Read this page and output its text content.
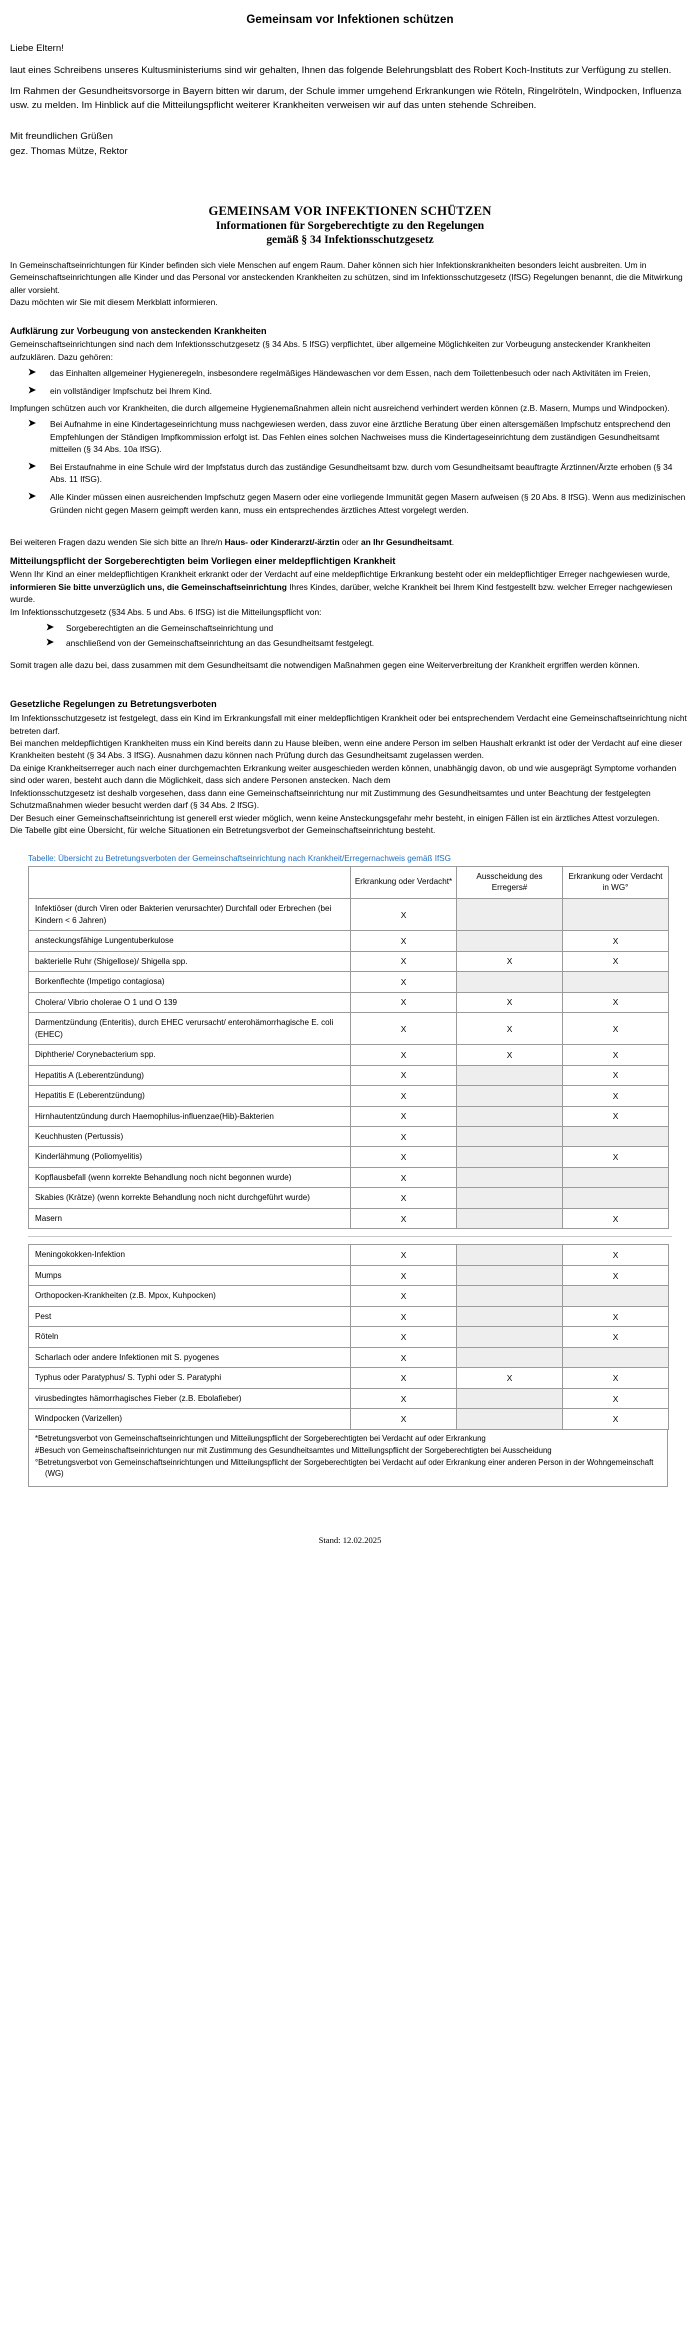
Gemeinsam vor Infektionen schützen

Liebe Eltern!

laut eines Schreibens unseres Kultusministeriums sind wir gehalten, Ihnen das folgende Belehrungsblatt des Robert Koch-Instituts zur Verfügung zu stellen.

Im Rahmen der Gesundheitsvorsorge in Bayern bitten wir darum, der Schule immer umgehend Erkrankungen wie Röteln, Ringelröteln, Windpocken, Influenza usw. zu melden. Im Hinblick auf die Mitteilungspflicht weiterer Krankheiten verweisen wir auf das unten stehende Schreiben.

Mit freundlichen Grüßen

gez. Thomas Mütze, Rektor

GEMEINSAM VOR INFEKTIONEN SCHÜTZEN
Informationen für Sorgeberechtigte zu den Regelungen
gemäß § 34 Infektionsschutzgesetz

In Gemeinschaftseinrichtungen für Kinder befinden sich viele Menschen auf engem Raum. Daher können sich hier Infektionskrankheiten besonders leicht ausbreiten. Um in Gemeinschaftseinrichtungen alle Kinder und das Personal vor ansteckenden Krankheiten zu schützen, sind im Infektionsschutzgesetz (IfSG) Regelungen benannt, die die Mitwirkung aller vorsieht.

Dazu möchten wir Sie mit diesem Merkblatt informieren.

Aufklärung zur Vorbeugung von ansteckenden Krankheiten

Gemeinschaftseinrichtungen sind nach dem Infektionsschutzgesetz (§ 34 Abs. 5 IfSG) verpflichtet, über allgemeine Möglichkeiten zur Vorbeugung ansteckender Krankheiten aufzuklären. Dazu gehören:

➤ das Einhalten allgemeiner Hygieneregeln, insbesondere regelmäßiges Händewaschen vor dem Essen, nach dem Toilettenbesuch oder nach Aktivitäten im Freien,
➤ ein vollständiger Impfschutz bei Ihrem Kind.

Impfungen schützen auch vor Krankheiten, die durch allgemeine Hygienemaßnahmen allein nicht ausreichend verhindert werden können (z.B. Masern, Mumps und Windpocken).

➤ Bei Aufnahme in eine Kindertageseinrichtung muss nachgewiesen werden, dass zuvor eine ärztliche Beratung über einen altersgemäßen Impfschutz entsprechend den Empfehlungen der Ständigen Impfkommission erfolgt ist. Das Fehlen eines solchen Nachweises muss die Kindertageseinrichtung dem zuständigen Gesundheitsamt mitteilen (§ 34 Abs. 10a IfSG).
➤ Bei Erstaufnahme in eine Schule wird der Impfstatus durch das zuständige Gesundheitsamt bzw. durch vom Gesundheitsamt beauftragte Ärztinnen/Ärzte erhoben (§ 34 Abs. 11 IfSG).
➤ Alle Kinder müssen einen ausreichenden Impfschutz gegen Masern oder eine vorliegende Immunität gegen Masern aufweisen (§ 20 Abs. 8 IfSG). Wenn aus medizinischen Gründen nicht gegen Masern geimpft werden kann, muss ein entsprechendes ärztliches Attest vorgelegt werden.

Bei weiteren Fragen dazu wenden Sie sich bitte an Ihre/n Haus- oder Kinderarzt/-ärztin oder an Ihr Gesundheitsamt.

Mitteilungspflicht der Sorgeberechtigten beim Vorliegen einer meldepflichtigen Krankheit

Wenn Ihr Kind an einer meldepflichtigen Krankheit erkrankt oder der Verdacht auf eine meldepflichtige Erkrankung besteht oder ein meldepflichtiger Erreger nachgewiesen wurde, informieren Sie bitte unverzüglich uns, die Gemeinschaftseinrichtung Ihres Kindes, darüber, welche Krankheit bei Ihrem Kind festgestellt bzw. welcher Erreger nachgewiesen wurde.

Im Infektionsschutzgesetz (§34 Abs. 5 und Abs. 6 IfSG) ist die Mitteilungspflicht von:

➤ Sorgeberechtigten an die Gemeinschaftseinrichtung und
➤ anschließend von der Gemeinschaftseinrichtung an das Gesundheitsamt festgelegt.

Somit tragen alle dazu bei, dass zusammen mit dem Gesundheitsamt die notwendigen Maßnahmen gegen eine Weiterverbreitung der Krankheit ergriffen werden können.

Gesetzliche Regelungen zu Betretungsverboten

Im Infektionsschutzgesetz ist festgelegt, dass ein Kind im Erkrankungsfall mit einer meldepflichtigen Krankheit oder bei entsprechendem Verdacht eine Gemeinschaftseinrichtung nicht betreten darf.

Bei manchen meldepflichtigen Krankheiten muss ein Kind bereits dann zu Hause bleiben, wenn eine andere Person im selben Haushalt erkrankt ist oder der Verdacht auf eine dieser Krankheiten besteht (§ 34 Abs. 3 IfSG). Ausnahmen dazu können nach Prüfung durch das Gesundheitsamt zugelassen werden.

Da einige Krankheitserreger auch nach einer durchgemachten Erkrankung weiter ausgeschieden werden können, unabhängig davon, ob und wie ausgeprägt Symptome vorhanden sind oder waren, besteht auch dann die Möglichkeit, dass sich andere Personen anstecken. Nach dem

Infektionsschutzgesetz ist deshalb vorgesehen, dass dann eine Gemeinschaftseinrichtung nur mit Zustimmung des Gesundheitsamtes und unter Beachtung der festgelegten Schutzmaßnahmen wieder besucht werden darf (§ 34 Abs. 2 IfSG).

Der Besuch einer Gemeinschaftseinrichtung ist generell erst wieder möglich, wenn keine Ansteckungsgefahr mehr besteht, in einigen Fällen ist ein ärztliches Attest vorzulegen.

Die Tabelle gibt eine Übersicht, für welche Situationen ein Betretungsverbot der Gemeinschaftseinrichtung besteht.

Tabelle: Übersicht zu Betretungsverboten der Gemeinschaftseinrichtung nach Krankheit/Erregernachweis gemäß IfSG
	Erkrankung oder Verdacht*	Ausscheidung des Erregers#	Erkrankung oder Verdacht in WG°
Infektiöser (durch Viren oder Bakterien verursachter) Durchfall oder Erbrechen (bei Kindern < 6 Jahren)	X		
ansteckungsfähige Lungentuberkulose	X		X
bakterielle Ruhr (Shigellose)/ Shigella spp.	X	X	X
Borkenflechte (Impetigo contagiosa)	X		
Cholera/ Vibrio cholerae O 1 und O 139	X	X	X
Darmentzündung (Enteritis), durch EHEC verursacht/ enterohämorrhagische E. coli (EHEC)	X	X	X
Diphtherie/ Corynebacterium spp.	X	X	X
Hepatitis A (Leberentzündung)	X		X
Hepatitis E (Leberentzündung)	X		X
Hirnhautentzündung durch Haemophilus-influenzae(Hib)-Bakterien	X		X
Keuchhusten (Pertussis)	X		
Kinderlähmung (Poliomyelitis)	X		X
Kopflausbefall (wenn korrekte Behandlung noch nicht begonnen wurde)	X		
Skabies (Krätze) (wenn korrekte Behandlung noch nicht durchgeführt wurde)	X		
Masern	X		X
Meningokokken-Infektion	X		X
Mumps	X		X
Orthopocken-Krankheiten (z.B. Mpox, Kuhpocken)	X		
Pest	X		X
Röteln	X		X
Scharlach oder andere Infektionen mit S. pyogenes	X		
Typhus oder Paratyphus/ S. Typhi oder S. Paratyphi	X	X	X
virusbedingtes hämorrhagisches Fieber (z.B. Ebolafieber)	X		X
Windpocken (Varizellen)	X		X

*Betretungsverbot von Gemeinschaftseinrichtungen und Mitteilungspflicht der Sorgeberechtigten bei Verdacht auf oder Erkrankung

#Besuch von Gemeinschaftseinrichtungen nur mit Zustimmung des Gesundheitsamtes und Mitteilungspflicht der Sorgeberechtigten bei Ausscheidung

°Betretungsverbot von Gemeinschaftseinrichtungen und Mitteilungspflicht der Sorgeberechtigten bei Verdacht auf oder Erkrankung einer anderen Person in der Wohngemeinschaft (WG)

Stand: 12.02.2025
